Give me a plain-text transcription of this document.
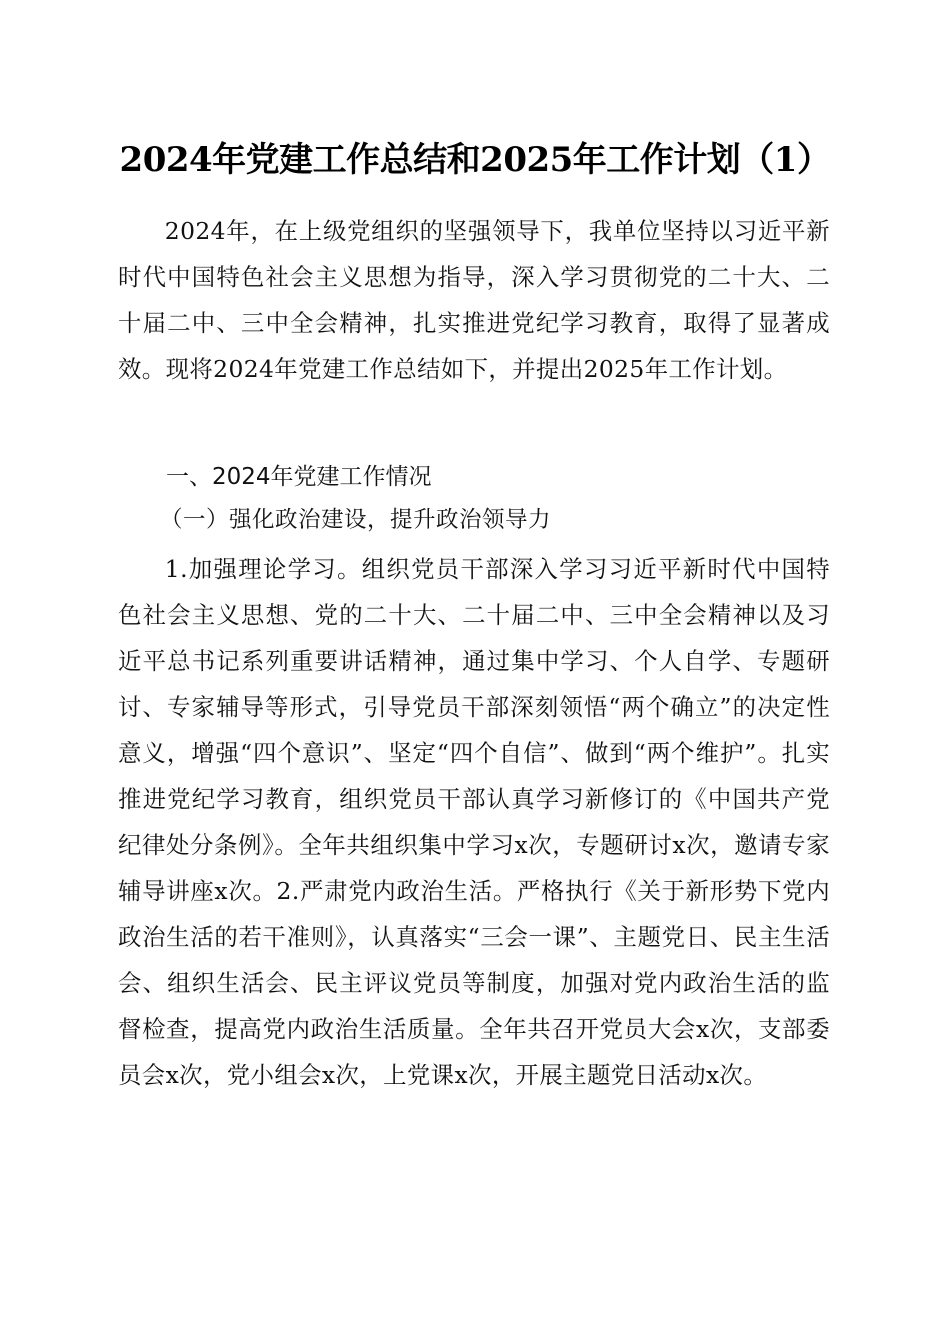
2024年党建工作总结和2025年工作计划（1）

2024年，在上级党组织的坚强领导下，我单位坚持以习近平新时代中国特色社会主义思想为指导，深入学习贯彻党的二十大、二十届二中、三中全会精神，扎实推进党纪学习教育，取得了显著成效。现将2024年党建工作总结如下，并提出2025年工作计划。

一、2024年党建工作情况
（一）强化政治建设，提升政治领导力

1.加强理论学习。组织党员干部深入学习习近平新时代中国特色社会主义思想、党的二十大、二十届二中、三中全会精神以及习近平总书记系列重要讲话精神，通过集中学习、个人自学、专题研讨、专家辅导等形式，引导党员干部深刻领悟“两个确立”的决定性意义，增强“四个意识”、坚定“四个自信”、做到“两个维护”。扎实推进党纪学习教育，组织党员干部认真学习新修订的《中国共产党纪律处分条例》。全年共组织集中学习x次，专题研讨x次，邀请专家辅导讲座x次。2.严肃党内政治生活。严格执行《关于新形势下党内政治生活的若干准则》，认真落实“三会一课”、主题党日、民主生活会、组织生活会、民主评议党员等制度，加强对党内政治生活的监督检查，提高党内政治生活质量。全年共召开党员大会x次，支部委员会x次，党小组会x次，上党课x次，开展主题党日活动x次。
